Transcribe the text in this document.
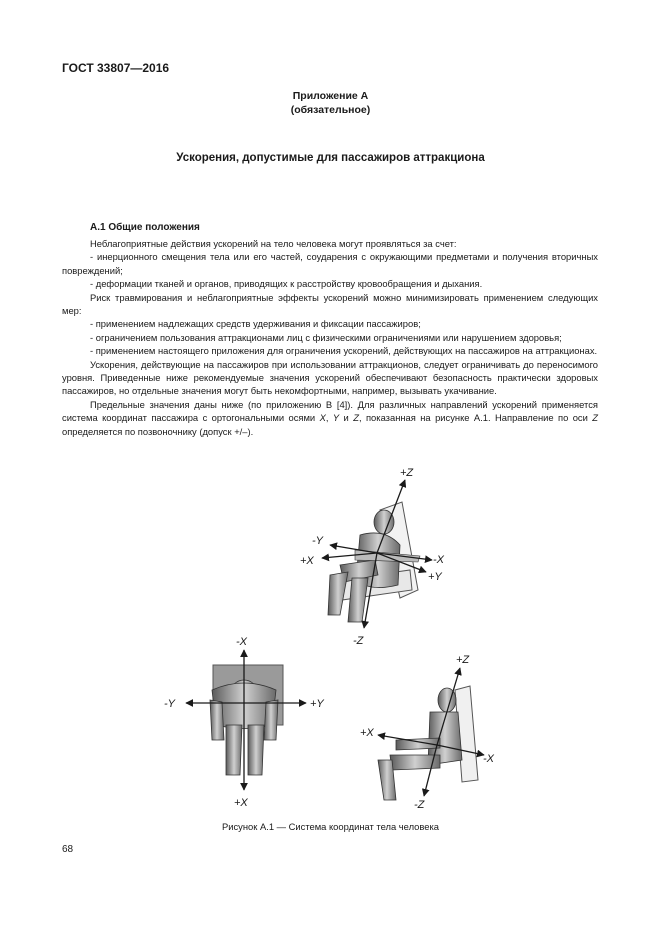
ГОСТ 33807—2016
Приложение А
(обязательное)
Ускорения, допустимые для пассажиров аттракциона
А.1 Общие положения

Неблагоприятные действия ускорений на тело человека могут проявляться за счет:

- инерционного смещения тела или его частей, соударения с окружающими предметами и получения вторичных повреждений;

- деформации тканей и органов, приводящих к расстройству кровообращения и дыхания.

Риск травмирования и неблагоприятные эффекты ускорений можно минимизировать применением следующих мер:

- применением надлежащих средств удерживания и фиксации пассажиров;

- ограничением пользования аттракционами лиц с физическими ограничениями или нарушением здоровья;

- применением настоящего приложения для ограничения ускорений, действующих на пассажиров на аттракционах.

Ускорения, действующие на пассажиров при использовании аттракционов, следует ограничивать до переносимого уровня. Приведенные ниже рекомендуемые значения ускорений обеспечивают безопасность практически здоровых пассажиров, но отдельные значения могут быть некомфортными, например, вызывать укачивание.

Предельные значения даны ниже (по приложению В [4]). Для различных направлений ускорений применяется система координат пассажира с ортогональными осями X, Y и Z, показанная на рисунке А.1. Направление по оси Z определяется по позвоночнику (допуск +/–).

+Z
-Y
+X	-X
+Y
-Z
-X
-Y	+Y
+X
+Z
+X
-X
-Z
Рисунок А.1 — Система координат тела человека
68
